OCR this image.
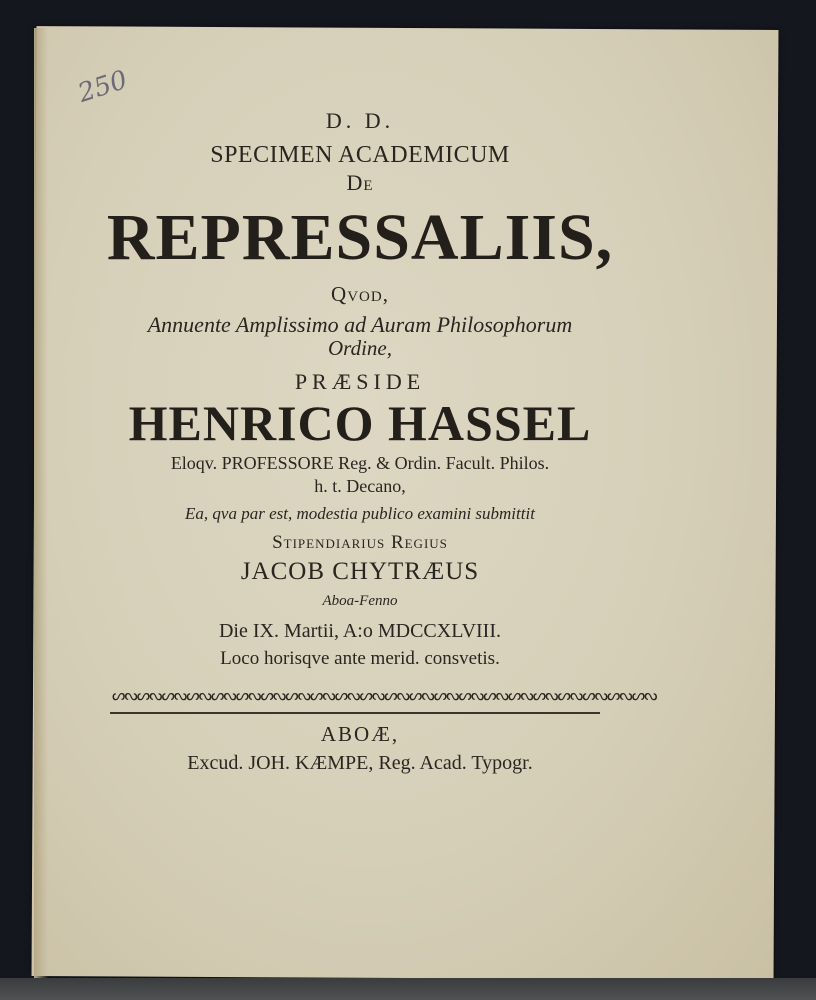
250
D. D.
SPECIMEN ACADEMICUM
De
REPRESSALIIS,
Qvod,
Annuente Amplissimo ad Auram Philosophorum
Ordine,
PRÆSIDE
HENRICO HASSEL
Eloqv. PROFESSORE Reg. & Ordin. Facult. Philos.
h. t. Decano,
Ea, qva par est, modestia publico examini submittit
Stipendiarius Regius
JACOB CHYTRÆUS
Aboa-Fenno
Die IX. Martii, A:o MDCCXLVIII.
Loco horisqve ante merid. consvetis.
ᔕᔓᔕᔓᔕᔓᔕᔓᔕᔓᔕᔓᔕᔓᔕᔓᔕᔓᔕᔓᔕᔓᔕᔓᔕᔓᔕᔓᔕᔓᔕᔓᔕᔓᔕᔓᔕᔓᔕᔓᔕᔓᔕᔓ
ABOÆ,
Excud. JOH. KÆMPE, Reg. Acad. Typogr.
